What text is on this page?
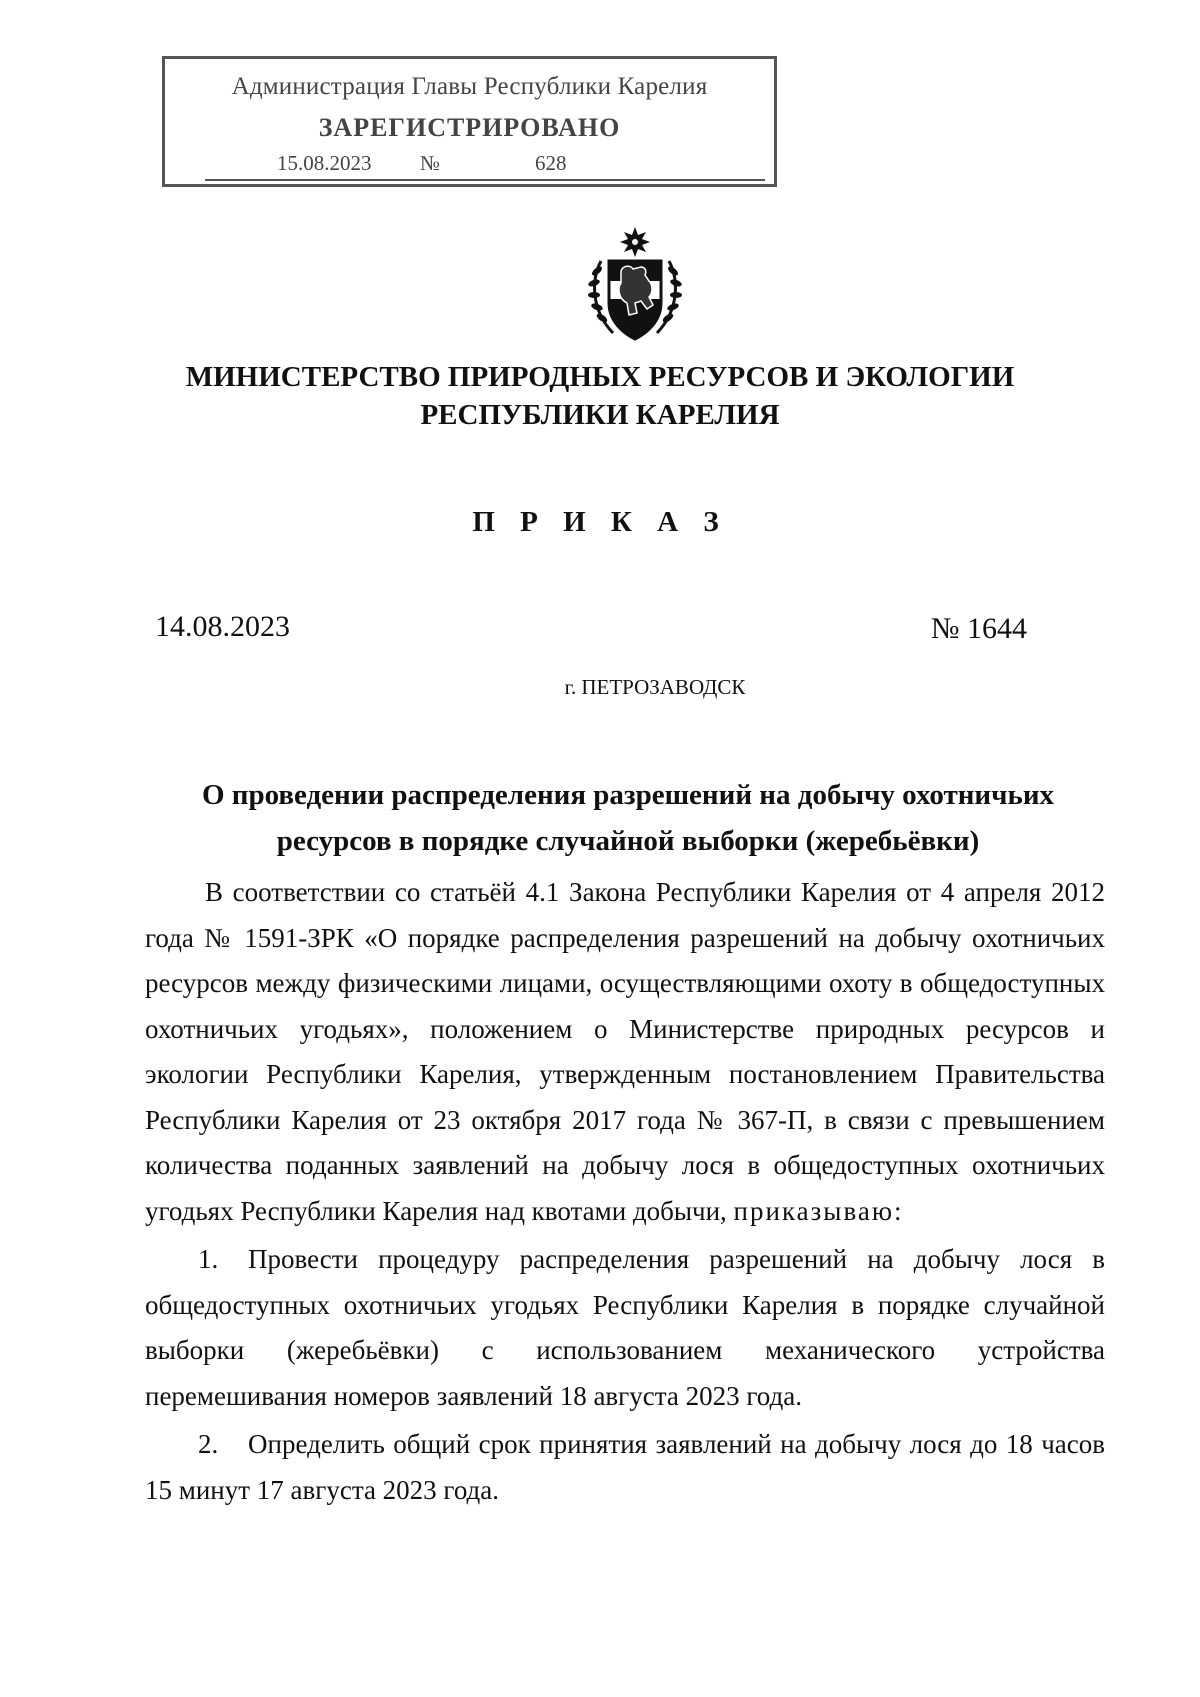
Администрация Главы Республики Карелия
ЗАРЕГИСТРИРОВАНО
15.08.2023 №	628
МИНИСТЕРСТВО ПРИРОДНЫХ РЕСУРСОВ И ЭКОЛОГИИ
РЕСПУБЛИКИ КАРЕЛИЯ
П Р И К А З
14.08.2023	№ 1644
г. ПЕТРОЗАВОДСК
О проведении распределения разрешений на добычу охотничьих
ресурсов в порядке случайной выборки (жеребьёвки)

В соответствии со статьёй 4.1 Закона Республики Карелия от 4 апреля 2012 года № 1591-ЗРК «О порядке распределения разрешений на добычу охотничьих ресурсов между физическими лицами, осуществляющими охоту в общедоступных охотничьих угодьях», положением о Министерстве природных ресурсов и экологии Республики Карелия, утвержденным постановлением Правительства Республики Карелия от 23 октября 2017 года № 367-П, в связи с превышением количества поданных заявлений на добычу лося в общедоступных охотничьих угодьях Республики Карелия над квотами добычи, приказываю:

1. Провести процедуру распределения разрешений на добычу лося в общедоступных охотничьих угодьях Республики Карелия в порядке случайной выборки (жеребьёвки) с использованием механического устройства перемешивания номеров заявлений 18 августа 2023 года.

2. Определить общий срок принятия заявлений на добычу лося до 18 часов 15 минут 17 августа 2023 года.
